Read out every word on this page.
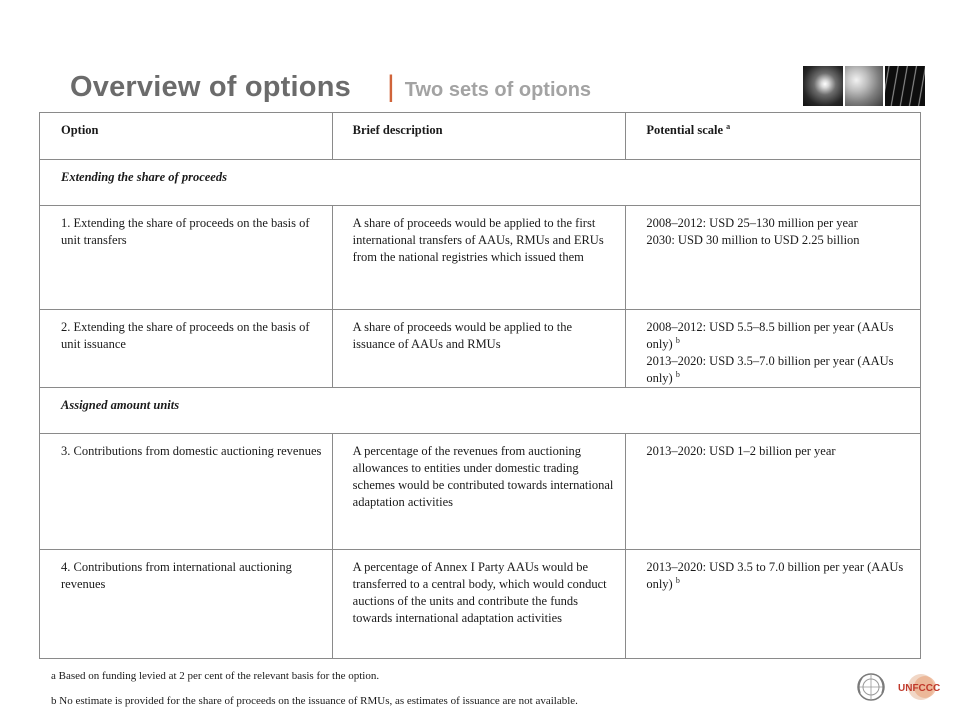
Overview of options | Two sets of options
Option	Brief description	Potential scale $^a$
Extending the share of proceeds		
1. Extending the share of proceeds on the basis of unit transfers	A share of proceeds would be applied to the first international transfers of AAUs, RMUs and ERUs from the national registries which issued them	2008–2012: USD 25–130 million per year
2030: USD 30 million to USD 2.25 billion

2. Extending the share of proceeds on the basis of unit issuance	A share of proceeds would be applied to the issuance of AAUs and RMUs	2008–2012: USD 5.5–8.5 billion per year (AAUs only) $^b$
2013–2020: USD 3.5–7.0 billion per year (AAUs only) $^b$

Assigned amount units		
3. Contributions from domestic auctioning revenues	A percentage of the revenues from auctioning allowances to entities under domestic trading schemes would be contributed towards international adaptation activities	2013–2020: USD 1–2 billion per year

4. Contributions from international auctioning revenues	A percentage of Annex I Party AAUs would be transferred to a central body, which would conduct auctions of the units and contribute the funds towards international adaptation activities	2013–2020: USD 3.5 to 7.0 billion per year (AAUs only) $^b$
a Based on funding levied at 2 per cent of the relevant basis for the option.
b No estimate is provided for the share of proceeds on the issuance of RMUs, as estimates of issuance are not available.
UNFCCC
